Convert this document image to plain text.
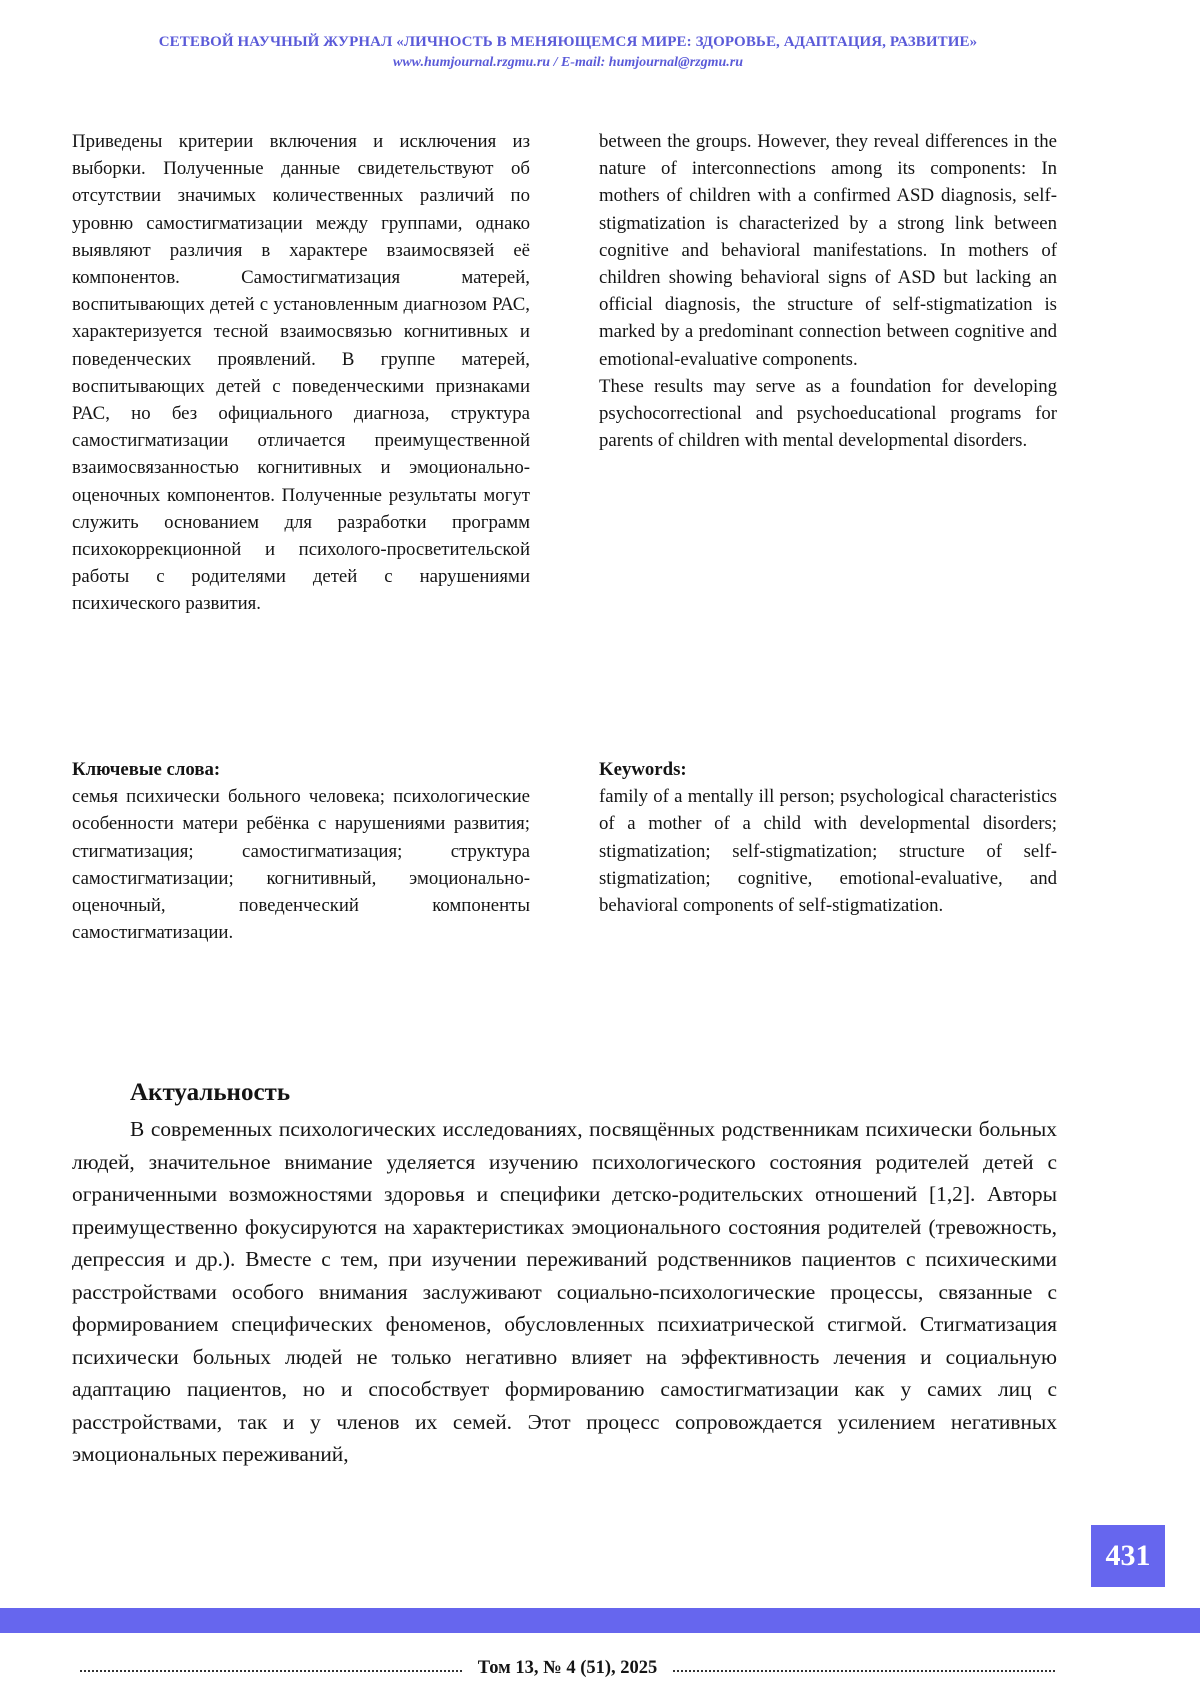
СЕТЕВОЙ НАУЧНЫЙ ЖУРНАЛ «ЛИЧНОСТЬ В МЕНЯЮЩЕМСЯ МИРЕ: ЗДОРОВЬЕ, АДАПТАЦИЯ, РАЗВИТИЕ»
www.humjournal.rzgmu.ru / E-mail: humjournal@rzgmu.ru

Приведены критерии включения и исключения из выборки. Полученные данные свидетельствуют об отсутствии значимых количественных различий по уровню самостигматизации между группами, однако выявляют различия в характере взаимосвязей её компонентов. Самостигматизация матерей, воспитывающих детей с установленным диагнозом РАС, характеризуется тесной взаимосвязью когнитивных и поведенческих проявлений. В группе матерей, воспитывающих детей с поведенческими признаками РАС, но без официального диагноза, структура самостигматизации отличается преимущественной взаимосвязанностью когнитивных и эмоционально-оценочных компонентов. Полученные результаты могут служить основанием для разработки программ психокоррекционной и психолого-просветительской работы с родителями детей с нарушениями психического развития.

between the groups. However, they reveal differences in the nature of interconnections among its components: In mothers of children with a confirmed ASD diagnosis, self-stigmatization is characterized by a strong link between cognitive and behavioral manifestations. In mothers of children showing behavioral signs of ASD but lacking an official diagnosis, the structure of self-stigmatization is marked by a predominant connection between cognitive and emotional-evaluative components.

These results may serve as a foundation for developing psychocorrectional and psychoeducational programs for parents of children with mental developmental disorders.

Ключевые слова:

семья психически больного человека; психологические особенности матери ребёнка с нарушениями развития; стигматизация; самостигматизация; структура самостигматизации; когнитивный, эмоционально-оценочный, поведенческий компоненты самостигматизации.

Keywords:

family of a mentally ill person; psychological characteristics of a mother of a child with developmental disorders; stigmatization; self-stigmatization; structure of self-stigmatization; cognitive, emotional-evaluative, and behavioral components of self-stigmatization.

Актуальность

В современных психологических исследованиях, посвящённых родственникам психически больных людей, значительное внимание уделяется изучению психологического состояния родителей детей с ограниченными возможностями здоровья и специфики детско-родительских отношений [1,2]. Авторы преимущественно фокусируются на характеристиках эмоционального состояния родителей (тревожность, депрессия и др.). Вместе с тем, при изучении переживаний родственников пациентов с психическими расстройствами особого внимания заслуживают социально-психологические процессы, связанные с формированием специфических феноменов, обусловленных психиатрической стигмой. Стигматизация психически больных людей не только негативно влияет на эффективность лечения и социальную адаптацию пациентов, но и способствует формированию самостигматизации как у самих лиц с расстройствами, так и у членов их семей. Этот процесс сопровождается усилением негативных эмоциональных переживаний,

431
Том 13, № 4 (51), 2025
